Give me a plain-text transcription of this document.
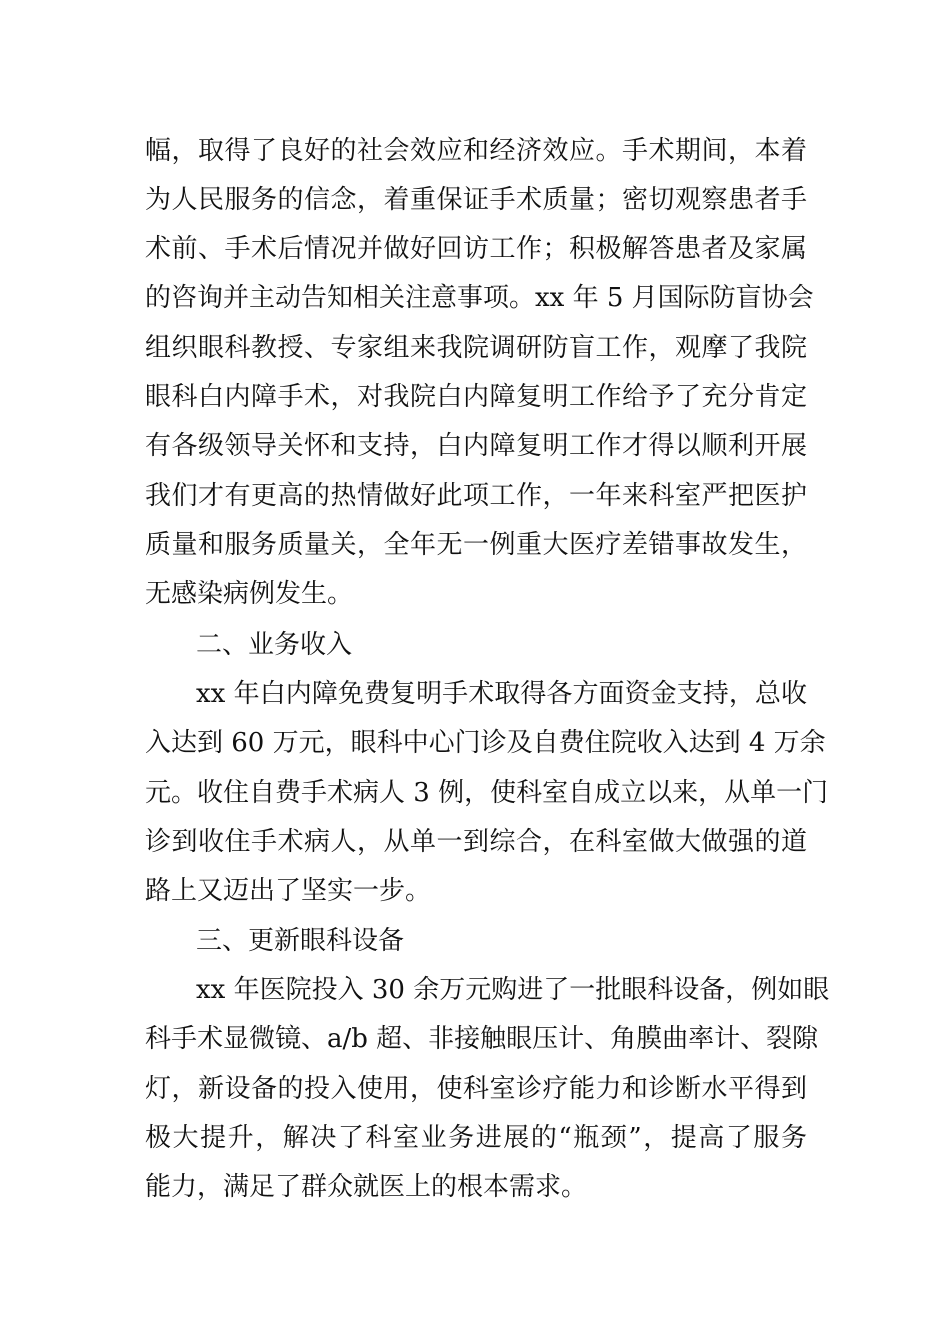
幅，取得了良好的社会效应和经济效应。手术期间，本着
为人民服务的信念，着重保证手术质量；密切观察患者手
术前、手术后情况并做好回访工作；积极解答患者及家属
的咨询并主动告知相关注意事项。xx 年 5 月国际防盲协会
组织眼科教授、专家组来我院调研防盲工作，观摩了我院
眼科白内障手术，对我院白内障复明工作给予了充分肯定
有各级领导关怀和支持，白内障复明工作才得以顺利开展
我们才有更高的热情做好此项工作，一年来科室严把医护
质量和服务质量关，全年无一例重大医疗差错事故发生，
无感染病例发生。
二、业务收入
xx 年白内障免费复明手术取得各方面资金支持，总收
入达到 60 万元，眼科中心门诊及自费住院收入达到 4 万余
元。收住自费手术病人 3 例，使科室自成立以来，从单一门
诊到收住手术病人，从单一到综合，在科室做大做强的道
路上又迈出了坚实一步。
三、更新眼科设备
xx 年医院投入 30 余万元购进了一批眼科设备，例如眼
科手术显微镜、a/b 超、非接触眼压计、角膜曲率计、裂隙
灯，新设备的投入使用，使科室诊疗能力和诊断水平得到
极大提升，解决了科室业务进展的“瓶颈”，提高了服务
能力，满足了群众就医上的根本需求。
